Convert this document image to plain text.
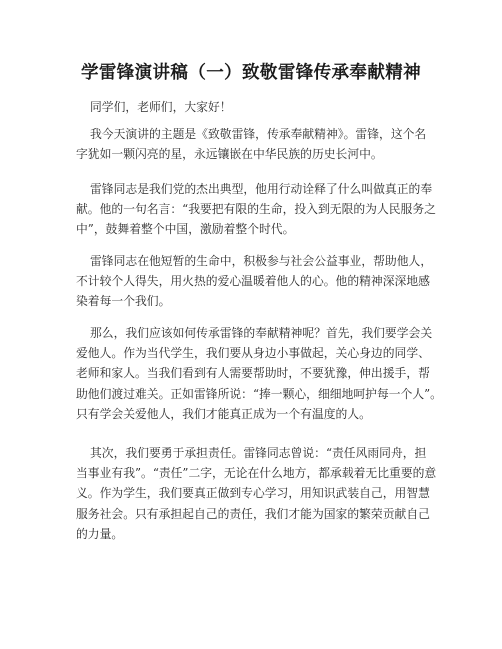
学雷锋演讲稿（一）致敬雷锋传承奉献精神
同学们，老师们，大家好！
我今天演讲的主题是《致敬雷锋，传承奉献精神》。雷锋，这个名
字犹如一颗闪亮的星，永远镶嵌在中华民族的历史长河中。
雷锋同志是我们党的杰出典型，他用行动诠释了什么叫做真正的奉
献。他的一句名言：“我要把有限的生命，投入到无限的为人民服务之
中”，鼓舞着整个中国，激励着整个时代。
雷锋同志在他短暂的生命中，积极参与社会公益事业，帮助他人，
不计较个人得失，用火热的爱心温暖着他人的心。他的精神深深地感
染着每一个我们。
那么，我们应该如何传承雷锋的奉献精神呢？首先，我们要学会关
爱他人。作为当代学生，我们要从身边小事做起，关心身边的同学、
老师和家人。当我们看到有人需要帮助时，不要犹豫，伸出援手，帮
助他们渡过难关。正如雷锋所说：“捧一颗心，细细地呵护每一个人”。
只有学会关爱他人，我们才能真正成为一个有温度的人。
其次，我们要勇于承担责任。雷锋同志曾说：“责任风雨同舟，担
当事业有我”。“责任”二字，无论在什么地方，都承载着无比重要的意
义。作为学生，我们要真正做到专心学习，用知识武装自己，用智慧
服务社会。只有承担起自己的责任，我们才能为国家的繁荣贡献自己
的力量。
